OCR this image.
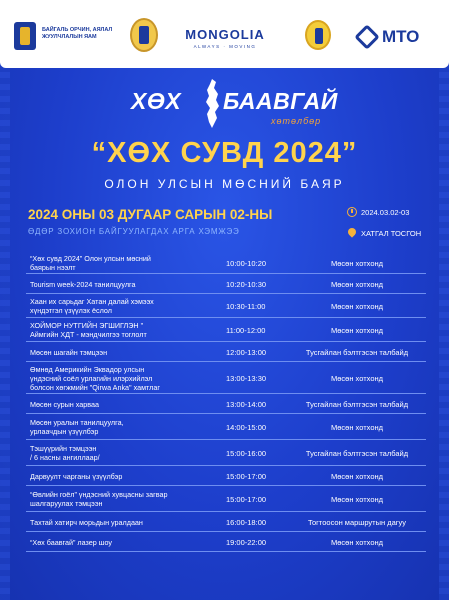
БАЙГАЛЬ ОРЧИН, АЯЛАЛ ЖУУЛЧЛАЛЫН ЯАМ	MONGOLIA
ALWAYS · MOVING
МТО
ХӨХ БААВГАЙ
хөтөлбөр
“ХӨХ СУВД 2024”
ОЛОН УЛСЫН МӨСНИЙ БАЯР
2024 ОНЫ 03 ДУГААР САРЫН 02-НЫ
ӨДӨР ЗОХИОН БАЙГУУЛАГДАХ АРГА ХЭМЖЭЭ
2024.03.02-03
ХАТГАЛ ТОСГОН
“Хөх сувд 2024” Олон улсын мөсний
баярын нээлт	10:00-10:20	Мөсөн хотхонд
Tourism week-2024 танилцуулга	10:20-10:30	Мөсөн хотхонд
Хаан их сарьдаг Хатан далай хэмээх
хүндэтгэл үзүүлэх ёслол	10:30-11:00	Мөсөн хотхонд
ХОЙМОР НУТГИЙН ЭГШИГЛЭН "
Аймгийн ХДТ - мэндчилгээ тоглолт	11:00-12:00	Мөсөн хотхонд
Мөсөн шагайн тэмцээн	12:00-13:00	Тусгайлан бэлтгэсэн талбайд
Өмнөд Америкийн Эквадор улсын
үндэсний соёл урлагийн илэрхийлэл
болсон хөгжмийн "Qirwa Anka" хамтлаг
13:00-13:30	Мөсөн хотхонд
Мөсөн сурын харваа	13:00-14:00	Тусгайлан бэлтгэсэн талбайд
Мөсөн уралын танилцуулга,
урлаачдын үзүүлбэр	14:00-15:00	Мөсөн хотхонд
Тэшүүрийн тэмцээн
/ 6 насны ангиллаар/	15:00-16:00	Тусгайлан бэлтгэсэн талбайд
Дарвуулт чарганы үзүүлбэр	15:00-17:00	Мөсөн хотхонд
“Өвлийн гоёл” үндэсний хувцасны загвар
шалгаруулах тэмцээн	15:00-17:00	Мөсөн хотхонд
Тахтай хатирч морьдын уралдаан	16:00-18:00	Тогтоосон маршрутын дагуу
“Хөх баавгай” лазер шоу	19:00-22:00	Мөсөн хотхонд
